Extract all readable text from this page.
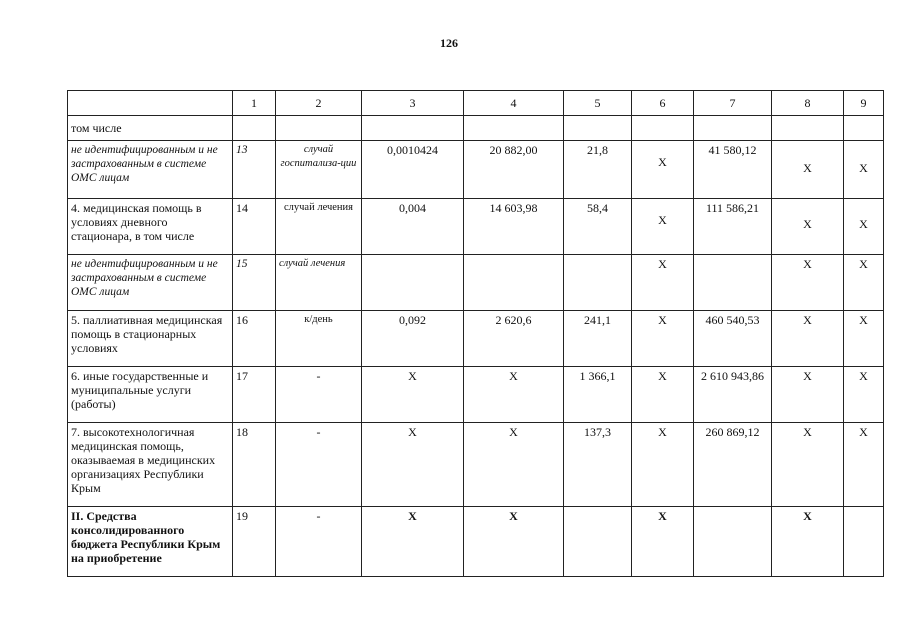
126
	1	2	3	4	5	6	7	8	9
том числе									
не идентифицированным и не застрахованным в системе ОМС лицам	13	случай госпитализа-ции	0,0010424	20 882,00	21,8	X	41 580,12	X	X
4. медицинская помощь в условиях дневного стационара, в том числе	14	случай лечения	0,004	14 603,98	58,4	X	111 586,21	X	X
не идентифицированным и не застрахованным в системе ОМС лицам	15	случай лечения				X		X	X
5. паллиативная медицинская помощь в стационарных условиях	16	к/день	0,092	2 620,6	241,1	X	460 540,53	X	X
6. иные государственные и муниципальные услуги (работы)	17	-	X	X	1 366,1	X	2 610 943,86	X	X
7. высокотехнологичная медицинская помощь, оказываемая в медицинских организациях Республики Крым	18	-	X	X	137,3	X	260 869,12	X	X
II. Средства консолидированного бюджета Республики Крым на приобретение	19	-	X	X		X		X	
